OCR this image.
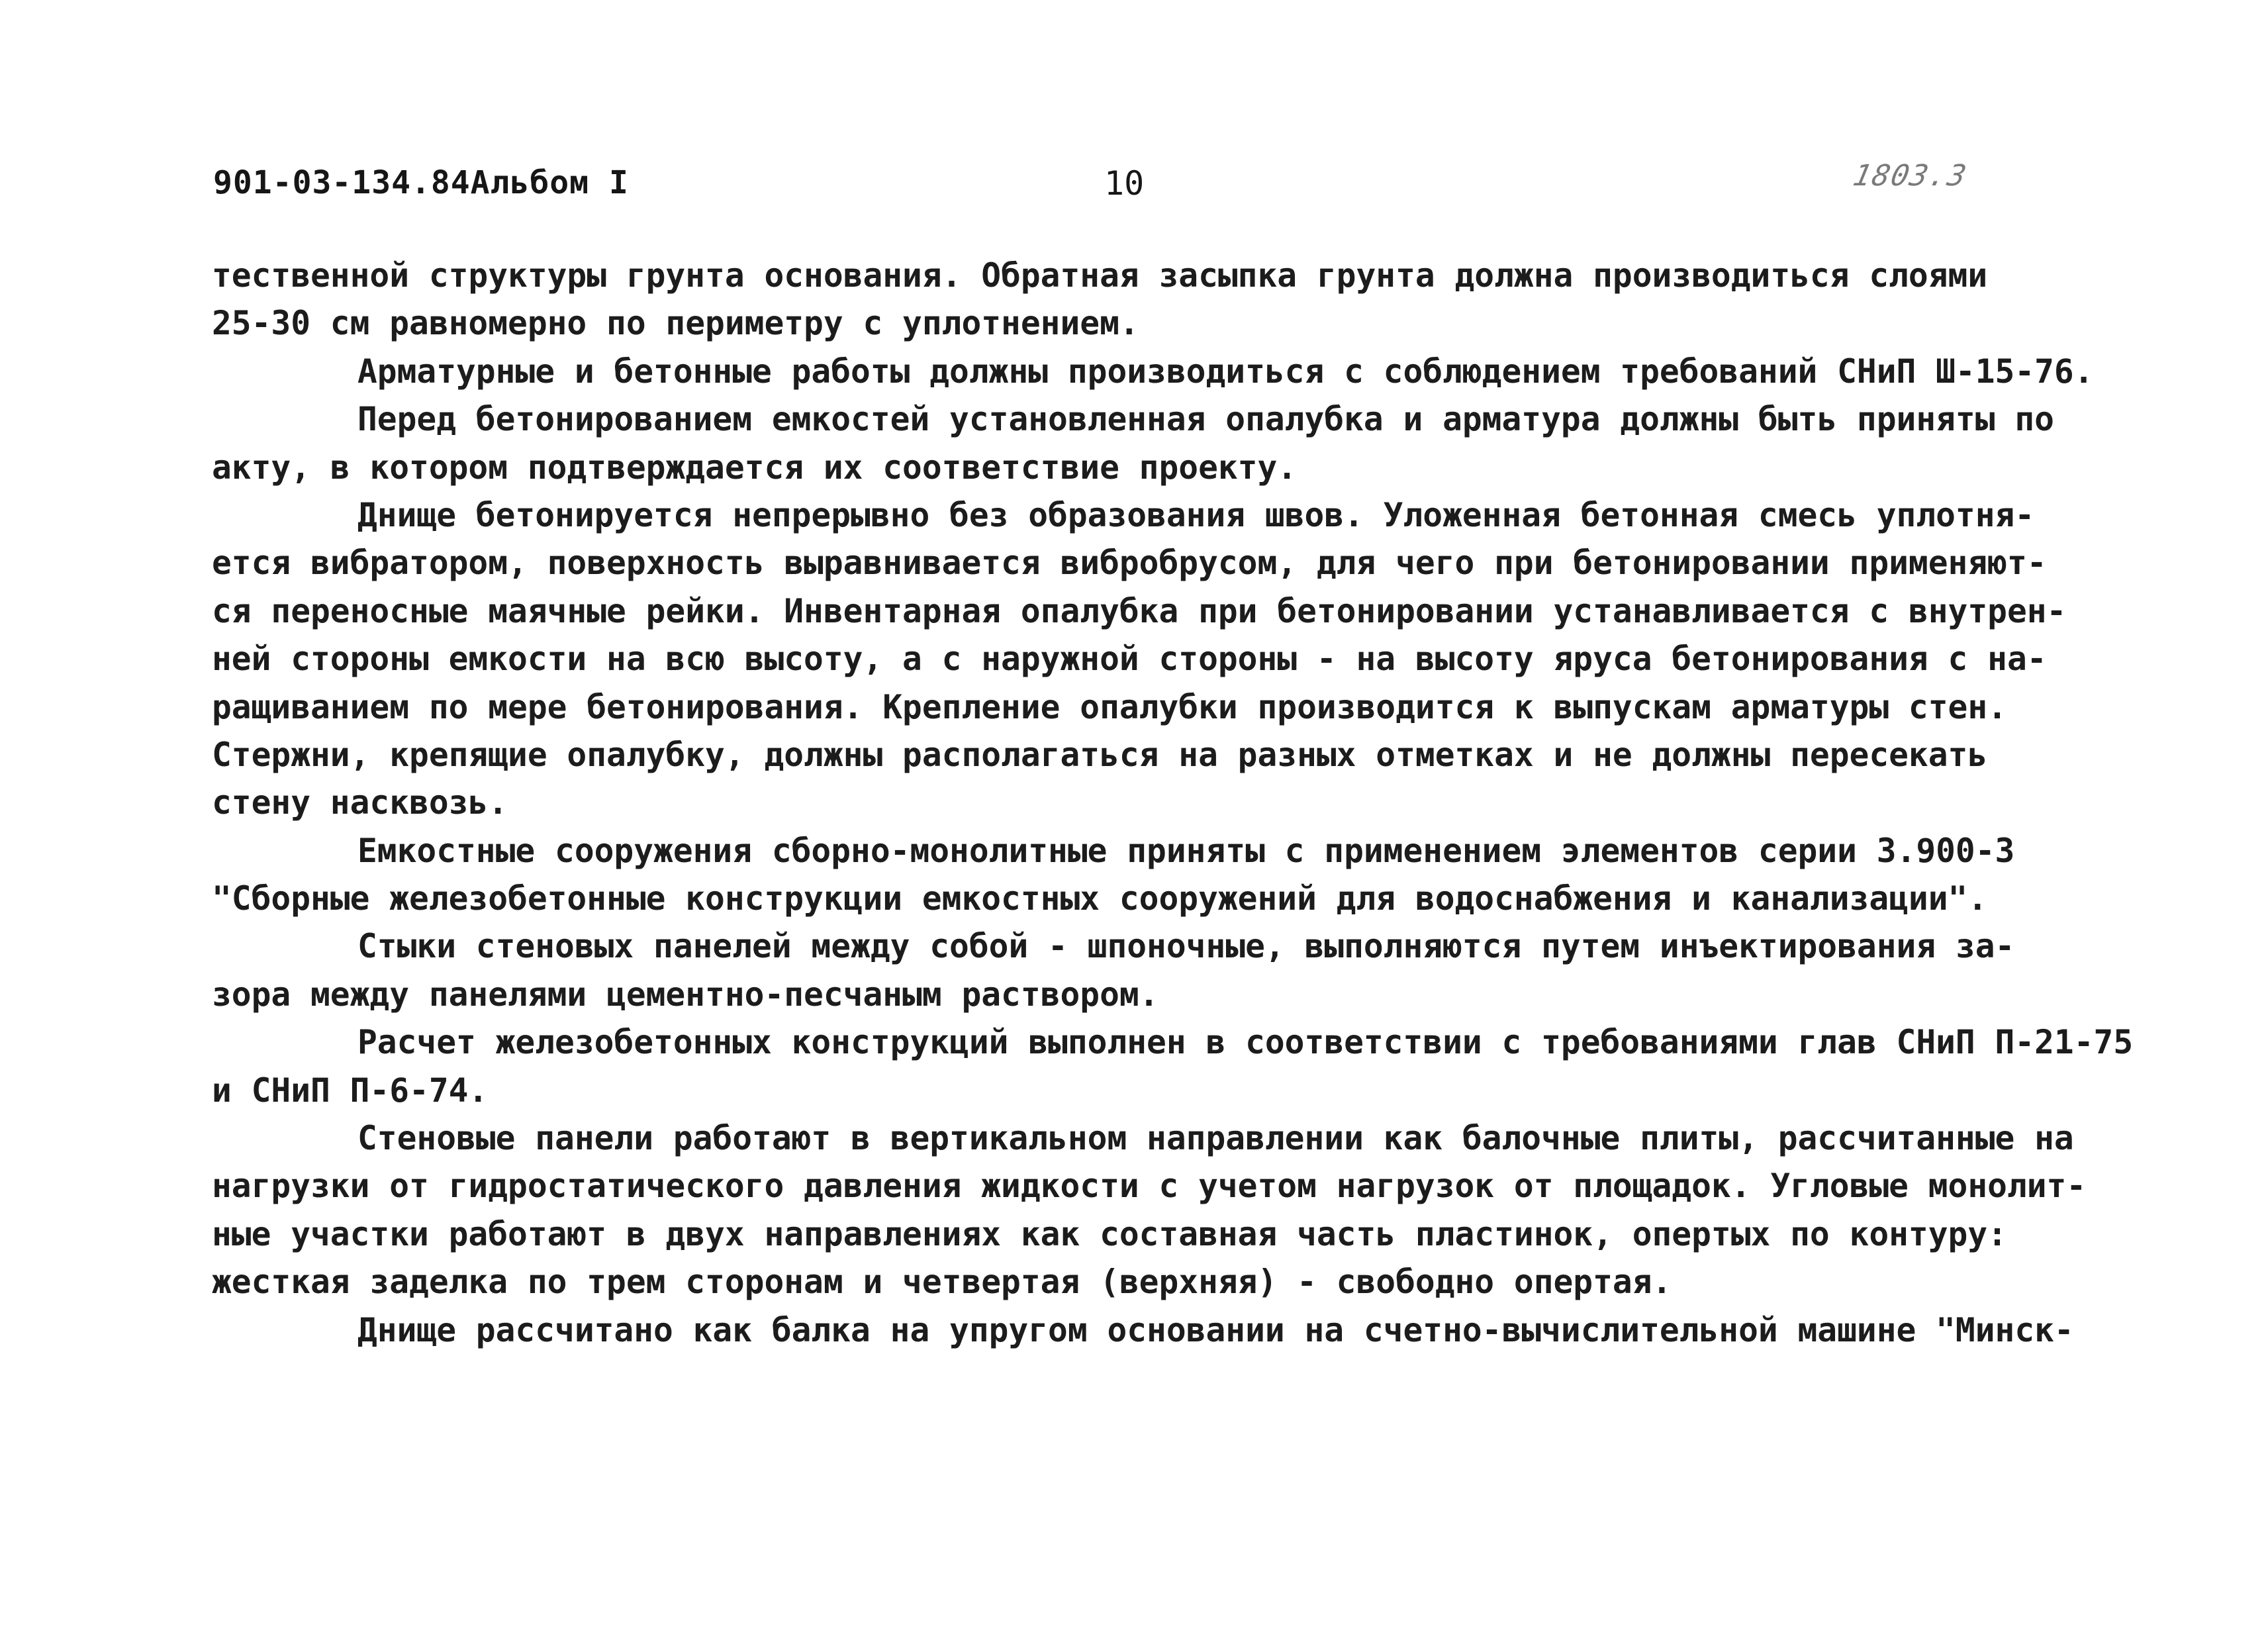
901-03-134.84Альбом I	10	1803.3
тественной структуры грунта основания. Обратная засыпка грунта должна производиться слоями
25-30 см равномерно по периметру с уплотнением.
Арматурные и бетонные работы должны производиться с соблюдением требований СНиП Ш-15-76.
Перед бетонированием емкостей установленная опалубка и арматура должны быть приняты по
акту, в котором подтверждается их соответствие проекту.
Днище бетонируется непрерывно без образования швов. Уложенная бетонная смесь уплотня-
ется вибратором, поверхность выравнивается вибробрусом, для чего при бетонировании применяют-
ся переносные маячные рейки. Инвентарная опалубка при бетонировании устанавливается с внутрен-
ней стороны емкости на всю высоту, а с наружной стороны - на высоту яруса бетонирования с на-
ращиванием по мере бетонирования. Крепление опалубки производится к выпускам арматуры стен.
Стержни, крепящие опалубку, должны располагаться на разных отметках и не должны пересекать
стену насквозь.
Емкостные сооружения сборно-монолитные приняты с применением элементов серии 3.900-3
"Сборные железобетонные конструкции емкостных сооружений для водоснабжения и канализации".
Стыки стеновых панелей между собой - шпоночные, выполняются путем инъектирования за-
зора между панелями цементно-песчаным раствором.
Расчет железобетонных конструкций выполнен в соответствии с требованиями глав СНиП П-21-75
и СНиП П-6-74.
Стеновые панели работают в вертикальном направлении как балочные плиты, рассчитанные на
нагрузки от гидростатического давления жидкости с учетом нагрузок от площадок. Угловые монолит-
ные участки работают в двух направлениях как составная часть пластинок, опертых по контуру:
жесткая заделка по трем сторонам и четвертая (верхняя) - свободно опертая.
Днище рассчитано как балка на упругом основании на счетно-вычислительной машине "Минск-
